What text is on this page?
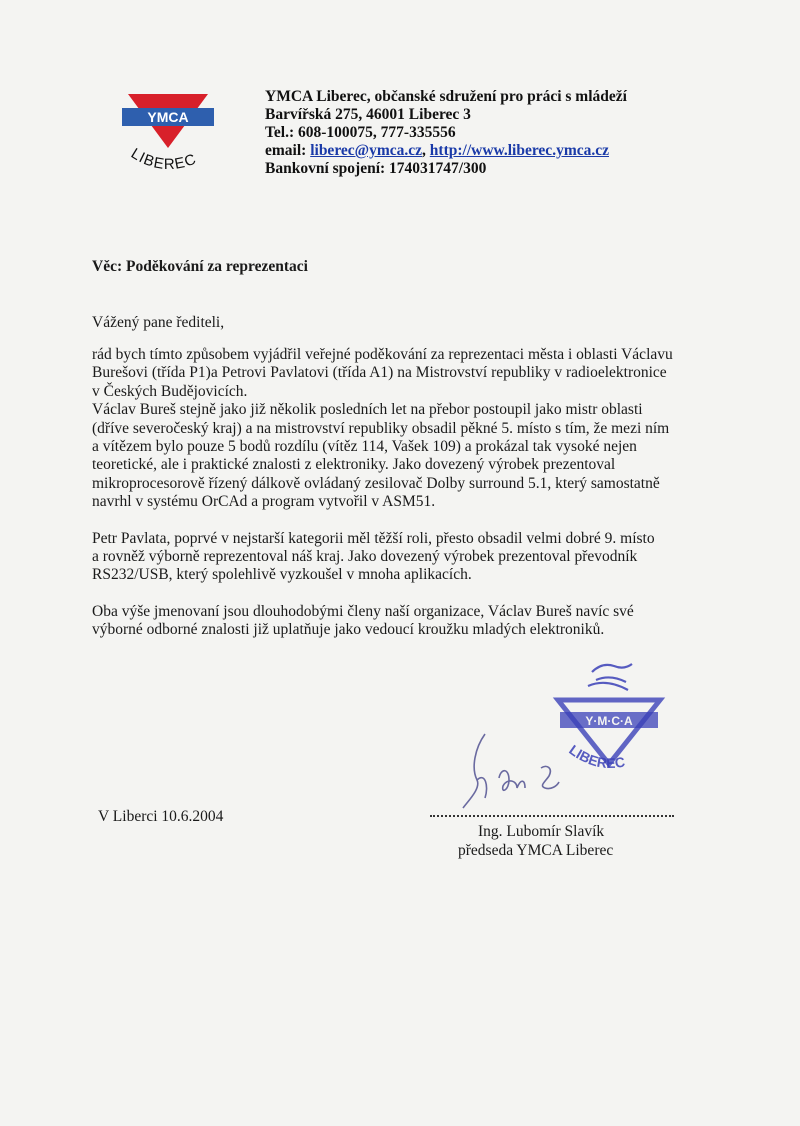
YMCA
LIBEREC
YMCA Liberec, občanské sdružení pro práci s mládeží
Barvířská 275, 46001 Liberec 3
Tel.: 608-100075, 777-335556
email: liberec@ymca.cz, http://www.liberec.ymca.cz
Bankovní spojení: 174031747/300
Věc: Poděkování za reprezentaci
Vážený pane řediteli,
rád bych tímto způsobem vyjádřil veřejné poděkování za reprezentaci města i oblasti Václavu
Burešovi (třída P1)a Petrovi Pavlatovi (třída A1) na Mistrovství republiky v radioelektronice
v Českých Budějovicích.
Václav Bureš stejně jako již několik posledních let na přebor postoupil jako mistr oblasti
(dříve severočeský kraj) a na mistrovství republiky obsadil pěkné 5. místo s tím, že mezi ním
a vítězem bylo pouze 5 bodů rozdílu (vítěz 114, Vašek 109) a prokázal tak vysoké nejen
teoretické, ale i praktické znalosti z elektroniky. Jako dovezený výrobek prezentoval
mikroprocesorově řízený dálkově ovládaný zesilovač Dolby surround 5.1, který samostatně
navrhl v systému OrCAd a program vytvořil v ASM51.
Petr Pavlata, poprvé v nejstarší kategorii měl těžší roli, přesto obsadil velmi dobré 9. místo
a rovněž výborně reprezentoval náš kraj. Jako dovezený výrobek prezentoval převodník
RS232/USB, který spolehlivě vyzkoušel v mnoha aplikacích.
Oba výše jmenovaní jsou dlouhodobými členy naší organizace, Václav Bureš navíc své
výborné odborné znalosti již uplatňuje jako vedoucí kroužku mladých elektroniků.
Y·M·C·A
LIBEREC
V Liberci 10.6.2004
Ing. Lubomír Slavík
předseda YMCA Liberec
